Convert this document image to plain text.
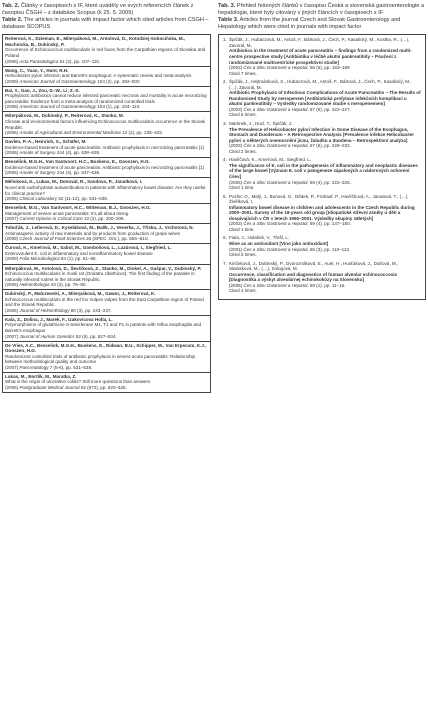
Tab. 2. Články v časopisech s IF, které uváděly ve svých referencích článek z časopisu ČSGH – z databáze Scopus (k 25. 5. 2009)
Table 2. The articles in journals with impact factor which cited articles from CSGH – database SCOPUS
Reiterová, K., Dzieman, E., Miterpáková, M., Antolová, D., Kotodziej-Sobocińska, M., Machnicka, B., Dubinský, P.
Occurrence of Echinococcus multilocularis in red foxes from the Carpathian regions of Slovakia and Poland
(2006) Acta Parasitologica 51 (2), pp. 107–110.
Wang, C., Yuan, Y., Hunt, R.H.
Helicobacter pylori infection and Barrett's esophagus: A systematic review and meta-analysis
(2009) American Journal of Gastroenterology 104 (2), pp. 492–500
Bai, Y., Gao, J., Zou, D.-W., Li, Z.-S.
Prophylactic antibiotics cannot reduce infected pancreatic necrosis and mortality in acute necrotizing pancreatitis: Evidence from a meta-analysis of randomized controlled trials
(2008) American Journal of Gastroenterology 103 (1), pp. 104–110.
Miterpáková, M., Dubinský, P., Reiterová, K., Stanko, M.
Climate and environmental factors influencing Echinococcus multilocularis occurrence in the Slovak Republic
(2006) Annals of Agricultural and Environmental Medicine 13 (2), pp. 235–242.
Gavlen, P.-A., Heinrich, S., Schäfer, M.
Evidence-based treatment of acute pancreatitis: Antibiotic prophylaxis in necrotizing pancreatitis [1]
(2006) Annals of Surgery 244 (4), pp. 638–639.
Besselink, M.G.H., Van Santvoort, H.C., Buskens, E., Gooszen, H.G.
Evidence-based treatment of acute pancreatitis: Antibiotic prophylaxis in necrotizing pancreatitis [1]
(2006) Annals of Surgery 244 (4), pp. 637–638.
Mělicková, K., Lukas, M., Donoval, R., Sandova, P., Janatková, I.
Novel anti-carbohydrate autoantibodies in patients with inflammatory bowel disease: Are they useful for clinical practice?
(2006) Clinical Laboratory 52 (11-12), pp. 631–638.
Besselink, M.G., Van Santvoort, H.C., Witteman, B.J., Gooszen, H.G.
Management of severe acute pancreatitis: It's all about timing
(2007) Current Opinion in Critical Care 13 (2), pp. 200–206.
Tobuťák, J., Leñerová, D., Kyseláková, M., Balík, J., Veverka, J., Tříska, J., Vrchotová, N.
Antimutagenic activity of raw materials and by-products from production of grape wines
(2008) Czech Journal of Food Sciences 26 (SPEC. ISS.), pp. 55S–61S.
Čurová, K., Kmeťová, M., Sabol, M., Gombošová, L., Lazúrová, I., Siegfried, L.
Enterovirulent E. coli in inflammatory and noninflammatory bowel disease
(2009) Folia Microbiologica 54 (1), pp. 81–86.
Miterpáková, M., Antolová, D., Ševčíková, Z., Stanko, M., Dinkel, A., Gašpar, V., Dubinský, P.
Echinococcus multilocularis in musk rat (Ondatra zibethicus): The first finding of the parasite in naturally infected rodent in the Slovak Republic
(2006) Helminthologia 43 (2), pp. 76–80.
Dubinský, P., Malczewski, A., Miterpáková, M., Gawor, J., Reiterová, K.
Echinococcus multilocularis in the red fox Vulpes vulpes from the East Carpathian region of Poland and the Slovak Republic
(2006) Journal of Helminthology 80 (3), pp. 243–247.
Kala, Z., Dolina, J., Marek, F., Izakovicova Holla, L.
Polymorphisms of glutathione S-transferase M1, T1 and P1 in patients with reflux esophagitis and Barrett's esophagus
(2007) Journal of Human Genetics 52 (6), pp. 527–534.
De Vries, A.C., Besselink, M.G.H., Buskens, E., Ridwan, B.U., Schipper, M., Van Erpecum, K.J., Gooszen, H.G.
Randomized controlled trials of antibiotic prophylaxis in severe acute pancreatitis: Relationship between methodological quality and outcome
(2007) Pancreatology 7 (5-6), pp. 531–538.
Lukas, M., Bortlík, M., Maratka, Z.
What is the origin of ulcerative colitis? Still more questions than answers
(2006) Postgraduate Medical Journal 82 (972), pp. 620–625.
Tab. 3. Přehled řešených článků v časopisu Česká a slovenská gastroenterologie a hepatologie, které byly citovány v jiných článcích v časopisech s IF
Table 3. Articles from the journal Czech and Slovak Gastroenterology and Hepatology which were cited in journals with impact factor
1. Špičák, J., Hubaczová, M., Antoš, F., Bártová, J., Čech, P., Kasalický, M., Kostka, R., (…), Zavoral, M.
Antibiotics in the treatment of acute pancreatitis – findings from a randomized multi-centre prospective study [Antibiotika v léčbě akutní pankreatitidy – Poučení z randomizované multicentrické prospektivní studie]
(2002) Čes a Slov Gastroent a Hepatol, 56 (5), pp. 183–189
Cited 7 times.
2. Špičák, J., Hejtmánková, S., Hubaczová, M., Antoš, F., Bártová, J., Čech, P., Kasalický, M., (…), Zavoral, M.
Antibiotic Prophylaxis of Infectious Complications of Acute Pancreatitis – The Results of Randomised Study by meropenem [Antibiotická profylaxe infekčních komplikací u akutní pankreatitidy – Výsledky randomizované studie s meropenemem]
(2003) Čes a Slov Gastroent a Hepatol, 57 (6), pp. 222–227.
Cited 6 times.
3. Martinek, J., Hucl, T., Špičák, J.
The Prevalence of Helicobacter pylori Infection in Some Disease of the Esophagus, Stomach and Duodenum – A Retrospective Analysis [Prevalence infekce Helicobacter pylori u některých onemocnění jícnu, žaludku a duodena – Retrospektivní analýza]
(2003) Čes a Slov Gastroent a Hepatol, 57 (6), pp. 228–232.
Cited 2 times.
4. Havlíčová, K., Kmeťová, M., Siegfried, L.
The significance of E. coli in the pathogenesis of inflammatory and neoplastic diseases of the large bowel [Význam E. coli v patogeneze zápalových a nádorových ochorení čriev]
(2005) Čes a Slov Gastroent a Hepatol, 59 (4), pp. 222–225.
Cited 1 time.
5. Pozler, O., Malý, J., Bonová, O., Dědek, P., Frühauf, P., Havlíčková, A., Janatová, T., (…), Živělková, I.
Inflammatory bowel disease in children and adolescents in the Czech Republic during 2000–2001. Survey of the 18-years old group [Idiopatické střevní záněty u dětí a dospívajících v ČR v letech 1990–2001. Výsledky skupiny 18letých]
(2003) Čes a Slov Gastroent a Hepatol, 59 (4), pp. 147–150.
Cited 1 time.
6. Fiala, J., Holašek, V., Třešl, L.
Wine as an antioxidant [Víno jako antioxidant]
(2001) Čes a Slov Gastroent a Hepatol, 55 (3), pp. 110–113.
Cited 2 times.
7. Kinčeková, J., Dubinský, P., Dvoroznáková, E., Auer, H., Husťaková, J., Daňová, M., Stanisková, M., (…), Sologová, M.
Occurrence, classification and diagnostics of human alveolar echinococcosis [Diagnostika a výskyt alveolárnej echinokokózy na Slovensku]
(2005) Čes a Slov Gastroent a Hepatol, 59 (1), pp. 11–16.
Cited 4 times.
